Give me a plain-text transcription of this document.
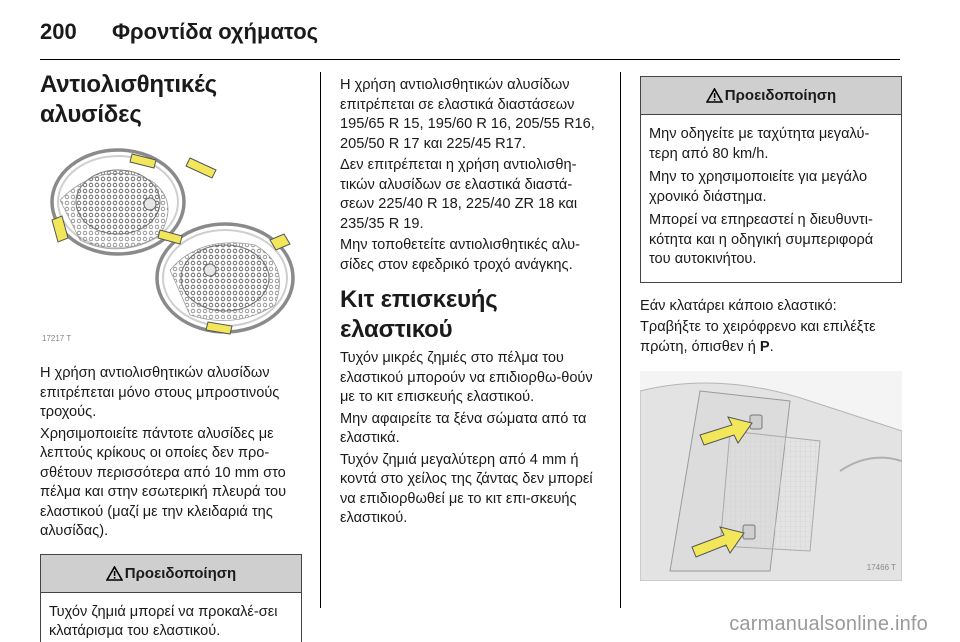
200 Φροντίδα οχήματος
Αντιολισθητικές αλυσίδες
17217 T

Η χρήση αντιολισθητικών αλυσίδων επιτρέπεται μόνο στους μπροστινούς τροχούς.

Χρησιμοποιείτε πάντοτε αλυσίδες με λεπτούς κρίκους οι οποίες δεν προ-σθέτουν περισσότερα από 10 mm στο πέλμα και στην εσωτερική πλευρά του ελαστικού (μαζί με την κλειδαριά της αλυσίδας).

Προειδοποίηση

Τυχόν ζημιά μπορεί να προκαλέ-σει κλατάρισμα του ελαστικού.

Η χρήση αντιολισθητικών αλυσίδων επιτρέπεται σε ελαστικά διαστάσεων 195/65 R 15, 195/60 R 16, 205/55 R16, 205/50 R 17 και 225/45 R17.

Δεν επιτρέπεται η χρήση αντιολισθη-τικών αλυσίδων σε ελαστικά διαστά-σεων 225/40 R 18, 225/40 ZR 18 και 235/35 R 19.

Μην τοποθετείτε αντιολισθητικές αλυ-σίδες στον εφεδρικό τροχό ανάγκης.

Κιτ επισκευής ελαστικού

Τυχόν μικρές ζημιές στο πέλμα του ελαστικού μπορούν να επιδιορθω-θούν με το κιτ επισκευής ελαστικού.

Μην αφαιρείτε τα ξένα σώματα από τα ελαστικά.

Τυχόν ζημιά μεγαλύτερη από 4 mm ή κοντά στο χείλος της ζάντας δεν μπορεί να επιδιορθωθεί με το κιτ επι-σκευής ελαστικού.

Προειδοποίηση

Μην οδηγείτε με ταχύτητα μεγαλύ-τερη από 80 km/h.

Μην το χρησιμοποιείτε για μεγάλο χρονικό διάστημα.

Μπορεί να επηρεαστεί η διευθυντι-κότητα και η οδηγική συμπεριφορά του αυτοκινήτου.

Εάν κλατάρει κάποιο ελαστικό:

Τραβήξτε το χειρόφρενο και επιλέξτε πρώτη, όπισθεν ή P.

17466 T
carmanualsonline.info
